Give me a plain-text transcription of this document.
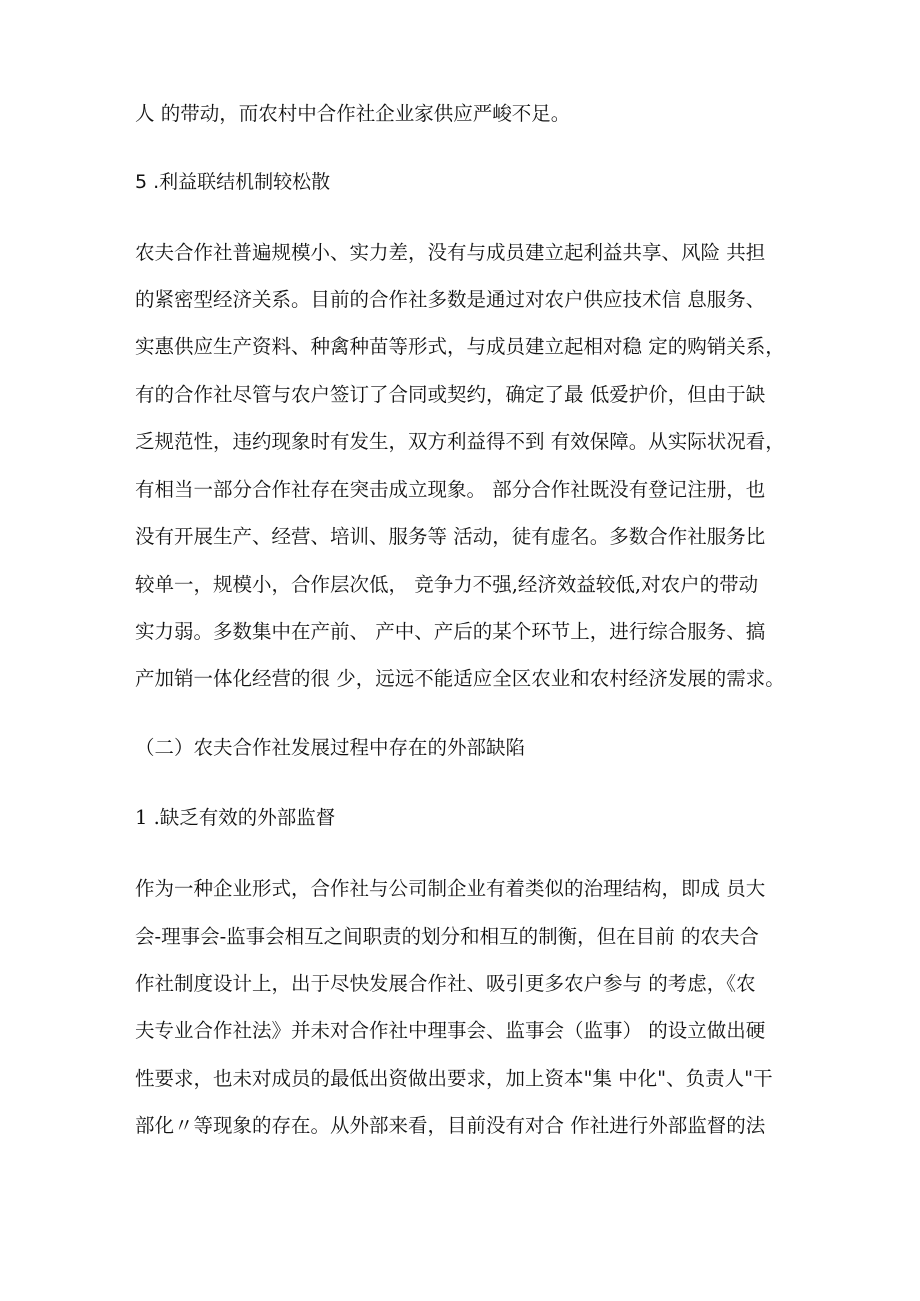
人 的带动，而农村中合作社企业家供应严峻不足。

5 .利益联结机制较松散

农夫合作社普遍规模小、实力差，没有与成员建立起利益共享、风险 共担

的紧密型经济关系。目前的合作社多数是通过对农户供应技术信 息服务、

实惠供应生产资料、种禽种苗等形式，与成员建立起相对稳 定的购销关系，

有的合作社尽管与农户签订了合同或契约，确定了最 低爱护价，但由于缺

乏规范性，违约现象时有发生，双方利益得不到 有效保障。从实际状况看，

有相当一部分合作社存在突击成立现象。 部分合作社既没有登记注册，也

没有开展生产、经营、培训、服务等 活动，徒有虚名。多数合作社服务比

较单一，规模小，合作层次低， 竞争力不强,经济效益较低,对农户的带动

实力弱。多数集中在产前、 产中、产后的某个环节上，进行综合服务、搞

产加销一体化经营的很 少，远远不能适应全区农业和农村经济发展的需求。

（二）农夫合作社发展过程中存在的外部缺陷

1 .缺乏有效的外部监督

作为一种企业形式，合作社与公司制企业有着类似的治理结构，即成 员大

会-理事会-监事会相互之间职责的划分和相互的制衡，但在目前 的农夫合

作社制度设计上，出于尽快发展合作社、吸引更多农户参与 的考虑，《农

夫专业合作社法》并未对合作社中理事会、监事会（监事） 的设立做出硬

性要求，也未对成员的最低出资做出要求，加上资本"集 中化"、负责人"干

部化〃等现象的存在。从外部来看，目前没有对合 作社进行外部监督的法
